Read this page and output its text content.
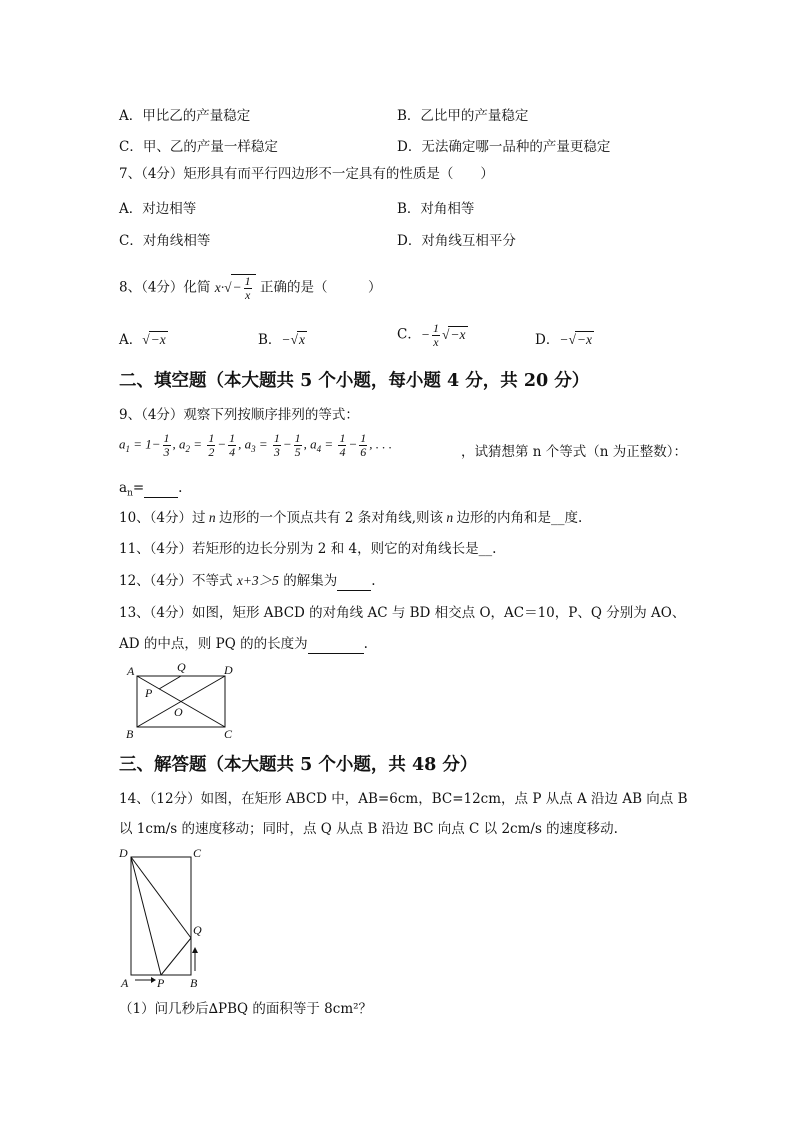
A．甲比乙的产量稳定	B．乙比甲的产量稳定
C．甲、乙的产量一样稳定	D．无法确定哪一品种的产量更稳定
7、（4分）矩形具有而平行四边形不一定具有的性质是（　　）
A．对边相等	B．对角相等
C．对角线相等	D．对角线互相平分
8、（4分）化简 $x\cdot√- \frac{1}{x}$ 正确的是（　　　）
A．√−x	B．−√x	C．− $\frac{1}{x} √-x$	D．−√−x
二、填空题（本大题共 5 个小题，每小题 4 分，共 20 分）
9、（4分）观察下列按顺序排列的等式：
$a_1 = 1- \frac{1}{3}$ , $a_2 = \frac{1}{2} - \frac{1}{4}$ , $a_3 = \frac{1}{3} - \frac{1}{5}$ , $a_4 = \frac{1}{4} - \frac{1}{6}$ , . . .
，试猜想第 n 个等式（n 为正整数）：
$a_n=$	.
10、（4分）过 n 边形的一个顶点共有 2 条对角线,则该 n 边形的内角和是__度.
11、（4分）若矩形的边长分别为 2 和 4，则它的对角线长是__.
12、（4分）不等式 x+3＞5 的解集为	.
13、（4分）如图，矩形 ABCD 的对角线 AC 与 BD 相交点 O，AC＝10，P、Q 分别为 AO、
AD 的中点，则 PQ 的的长度为	.
A	Q	D
P
O
B	C
三、解答题（本大题共 5 个小题，共 48 分）
14、（12分）如图，在矩形 ABCD 中，AB=6cm，BC=12cm，点 P 从点 A 沿边 AB 向点 B
以 1cm/s 的速度移动；同时，点 Q 从点 B 沿边 BC 向点 C 以 2cm/s 的速度移动.
D	C
Q
A P B
（1）问几秒后∆PBQ 的面积等于 8cm²？
